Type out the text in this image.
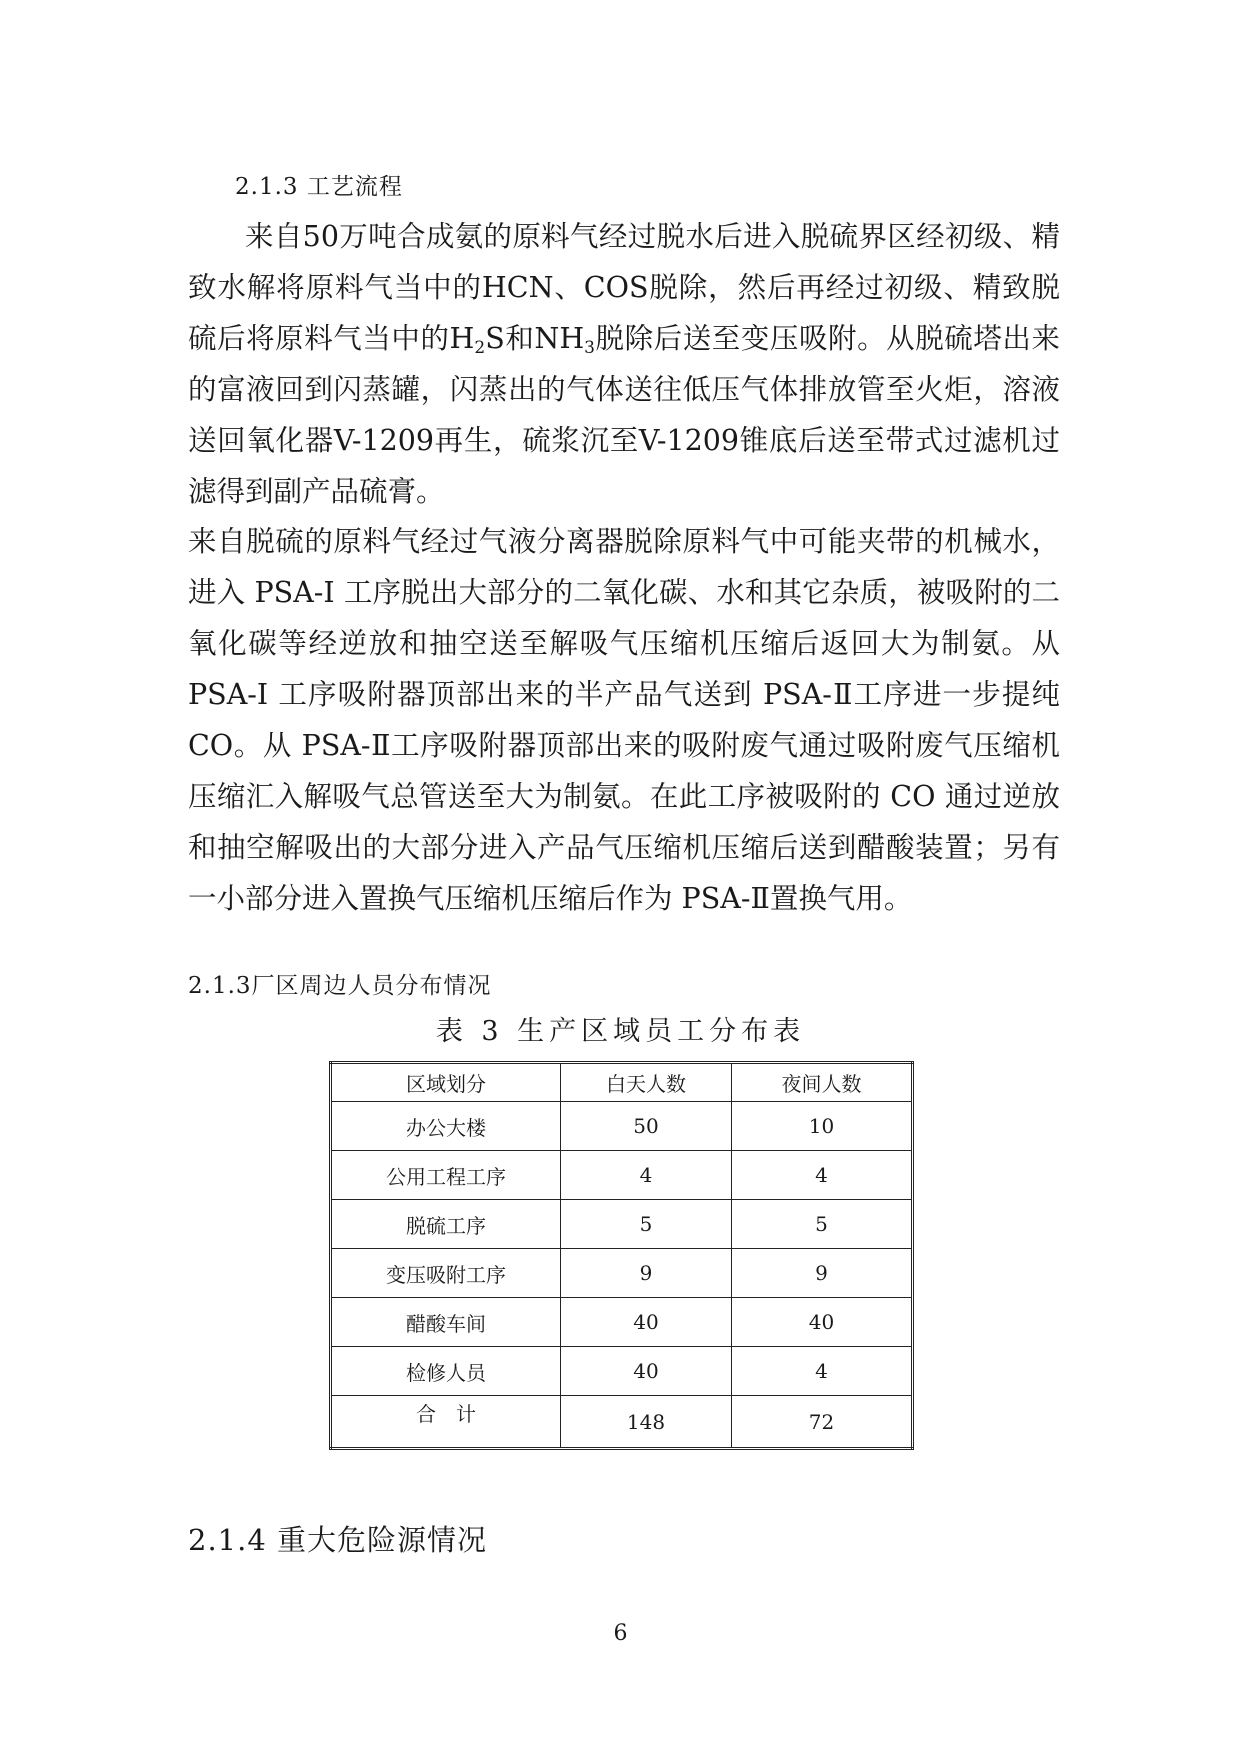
2.1.3 工艺流程
来自50万吨合成氨的原料气经过脱水后进入脱硫界区经初级、精致水解将原料气当中的HCN、COS脱除，然后再经过初级、精致脱硫后将原料气当中的$H_2S$和$NH_3$脱除后送至变压吸附。从脱硫塔出来的富液回到闪蒸罐，闪蒸出的气体送往低压气体排放管至火炬，溶液送回氧化器V-1209再生，硫浆沉至V-1209锥底后送至带式过滤机过滤得到副产品硫膏。
来自脱硫的原料气经过气液分离器脱除原料气中可能夹带的机械水，进入 PSA-I 工序脱出大部分的二氧化碳、水和其它杂质，被吸附的二氧化碳等经逆放和抽空送至解吸气压缩机压缩后返回大为制氨。从 PSA-I 工序吸附器顶部出来的半产品气送到 PSA-Ⅱ工序进一步提纯 CO。从 PSA-Ⅱ工序吸附器顶部出来的吸附废气通过吸附废气压缩机压缩汇入解吸气总管送至大为制氨。在此工序被吸附的 CO 通过逆放和抽空解吸出的大部分进入产品气压缩机压缩后送到醋酸装置；另有一小部分进入置换气压缩机压缩后作为 PSA-Ⅱ置换气用。
2.1.3厂区周边人员分布情况
表 3 生产区域员工分布表
区域划分	白天人数	夜间人数
办公大楼	50	10
公用工程工序	4	4
脱硫工序	5	5
变压吸附工序	9	9
醋酸车间	40	40
检修人员	40	4
合　计	148	72
2.1.4 重大危险源情况
6
